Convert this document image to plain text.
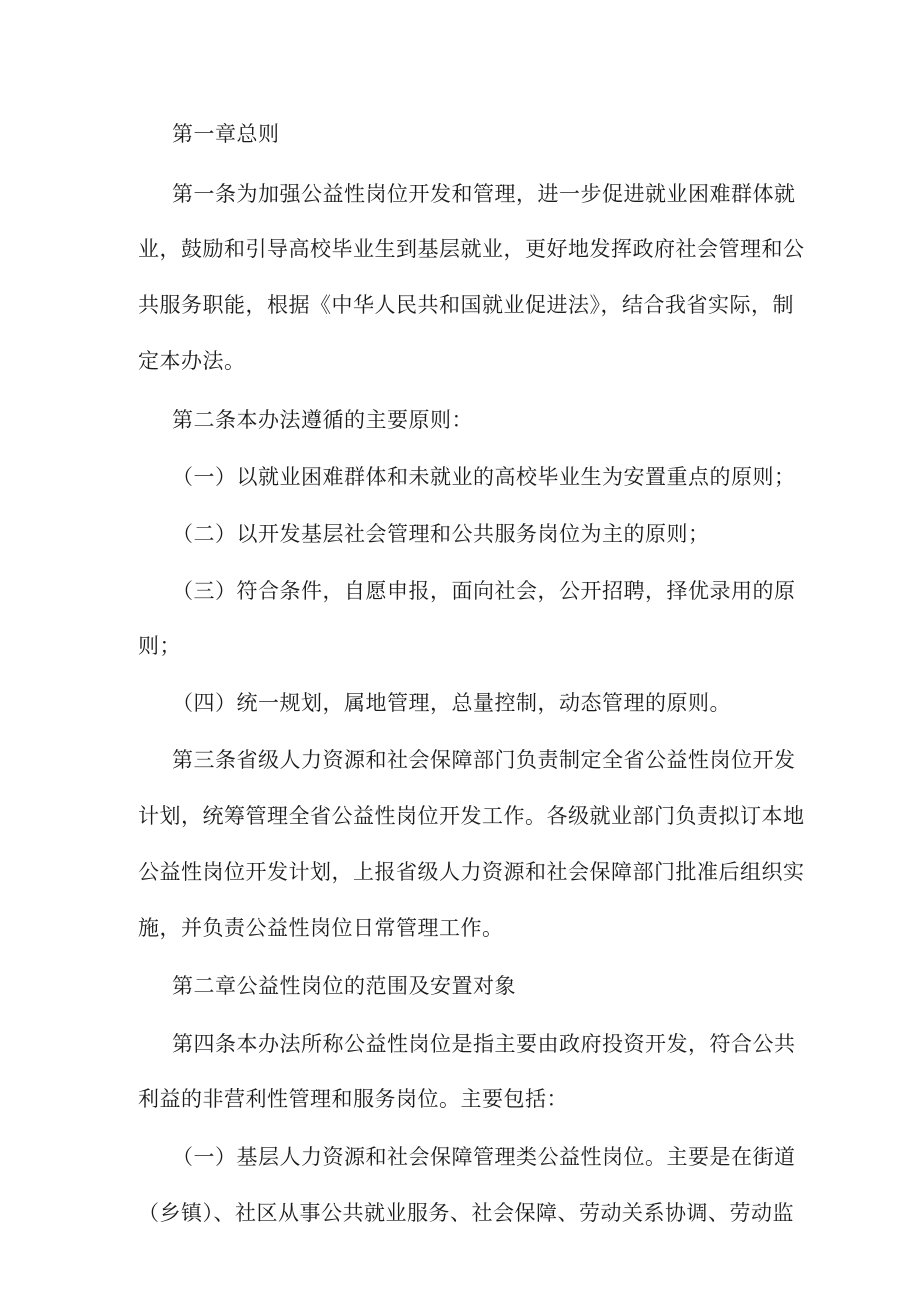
第一章总则

第一条为加强公益性岗位开发和管理，进一步促进就业困难群体就

业，鼓励和引导高校毕业生到基层就业，更好地发挥政府社会管理和公

共服务职能，根据《中华人民共和国就业促进法》，结合我省实际，制

定本办法。

第二条本办法遵循的主要原则：

（一）以就业困难群体和未就业的高校毕业生为安置重点的原则；

（二）以开发基层社会管理和公共服务岗位为主的原则；

（三）符合条件，自愿申报，面向社会，公开招聘，择优录用的原

则；

（四）统一规划，属地管理，总量控制，动态管理的原则。

第三条省级人力资源和社会保障部门负责制定全省公益性岗位开发

计划，统筹管理全省公益性岗位开发工作。各级就业部门负责拟订本地

公益性岗位开发计划，上报省级人力资源和社会保障部门批准后组织实

施，并负责公益性岗位日常管理工作。

第二章公益性岗位的范围及安置对象

第四条本办法所称公益性岗位是指主要由政府投资开发，符合公共

利益的非营利性管理和服务岗位。主要包括：

（一）基层人力资源和社会保障管理类公益性岗位。主要是在街道

（乡镇）、社区从事公共就业服务、社会保障、劳动关系协调、劳动监
